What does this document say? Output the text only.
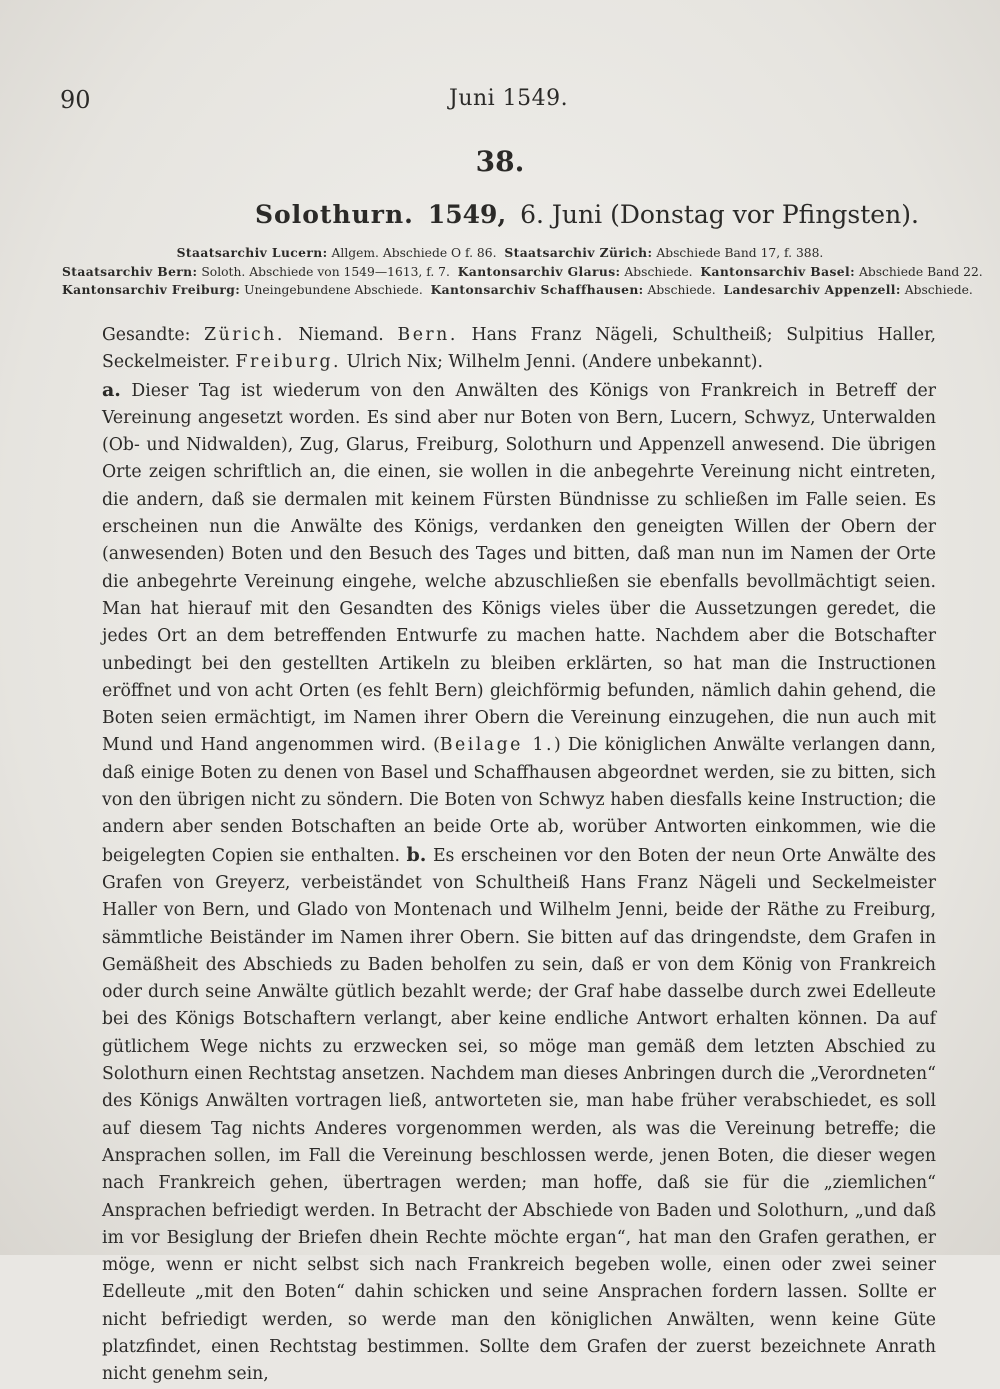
90	Juni 1549.
38.
Solothurn. 1549, 6. Juni (Donstag vor Pfingsten).
Staatsarchiv Lucern: Allgem. Abschiede O f. 86. Staatsarchiv Zürich: Abschiede Band 17, f. 388.
Staatsarchiv Bern: Soloth. Abschiede von 1549—1613, f. 7. Kantonsarchiv Glarus: Abschiede. Kantonsarchiv Basel: Abschiede Band 22.
Kantonsarchiv Freiburg: Uneingebundene Abschiede. Kantonsarchiv Schaffhausen: Abschiede. Landesarchiv Appenzell: Abschiede.

Gesandte: Zürich. Niemand. Bern. Hans Franz Nägeli, Schultheiß; Sulpitius Haller, Seckelmeister. Freiburg. Ulrich Nix; Wilhelm Jenni. (Andere unbekannt).

a. Dieser Tag ist wiederum von den Anwälten des Königs von Frankreich in Betreff der Vereinung angesetzt worden. Es sind aber nur Boten von Bern, Lucern, Schwyz, Unterwalden (Ob- und Nidwalden), Zug, Glarus, Freiburg, Solothurn und Appenzell anwesend. Die übrigen Orte zeigen schriftlich an, die einen, sie wollen in die anbegehrte Vereinung nicht eintreten, die andern, daß sie dermalen mit keinem Fürsten Bündnisse zu schließen im Falle seien. Es erscheinen nun die Anwälte des Königs, verdanken den geneigten Willen der Obern der (anwesenden) Boten und den Besuch des Tages und bitten, daß man nun im Namen der Orte die anbegehrte Vereinung eingehe, welche abzuschließen sie ebenfalls bevollmächtigt seien. Man hat hierauf mit den Gesandten des Königs vieles über die Aussetzungen geredet, die jedes Ort an dem betreffenden Entwurfe zu machen hatte. Nachdem aber die Botschafter unbedingt bei den gestellten Artikeln zu bleiben erklärten, so hat man die Instructionen eröffnet und von acht Orten (es fehlt Bern) gleichförmig befunden, nämlich dahin gehend, die Boten seien ermächtigt, im Namen ihrer Obern die Vereinung einzugehen, die nun auch mit Mund und Hand angenommen wird. (Beilage 1.) Die königlichen Anwälte verlangen dann, daß einige Boten zu denen von Basel und Schaffhausen abgeordnet werden, sie zu bitten, sich von den übrigen nicht zu söndern. Die Boten von Schwyz haben diesfalls keine Instruction; die andern aber senden Botschaften an beide Orte ab, worüber Antworten einkommen, wie die beigelegten Copien sie enthalten. b. Es erscheinen vor den Boten der neun Orte Anwälte des Grafen von Greyerz, verbeiständet von Schultheiß Hans Franz Nägeli und Seckelmeister Haller von Bern, und Glado von Montenach und Wilhelm Jenni, beide der Räthe zu Freiburg, sämmtliche Beiständer im Namen ihrer Obern. Sie bitten auf das dringendste, dem Grafen in Gemäßheit des Abschieds zu Baden beholfen zu sein, daß er von dem König von Frankreich oder durch seine Anwälte gütlich bezahlt werde; der Graf habe dasselbe durch zwei Edelleute bei des Königs Botschaftern verlangt, aber keine endliche Antwort erhalten können. Da auf gütlichem Wege nichts zu erzwecken sei, so möge man gemäß dem letzten Abschied zu Solothurn einen Rechtstag ansetzen. Nachdem man dieses Anbringen durch die „Verordneten“ des Königs Anwälten vortragen ließ, antworteten sie, man habe früher verabschiedet, es soll auf diesem Tag nichts Anderes vorgenommen werden, als was die Vereinung betreffe; die Ansprachen sollen, im Fall die Vereinung beschlossen werde, jenen Boten, die dieser wegen nach Frankreich gehen, übertragen werden; man hoffe, daß sie für die „ziemlichen“ Ansprachen befriedigt werden. In Betracht der Abschiede von Baden und Solothurn, „und daß im vor Besiglung der Briefen dhein Rechte möchte ergan“, hat man den Grafen gerathen, er möge, wenn er nicht selbst sich nach Frankreich begeben wolle, einen oder zwei seiner Edelleute „mit den Boten“ dahin schicken und seine Ansprachen fordern lassen. Sollte er nicht befriedigt werden, so werde man den königlichen Anwälten, wenn keine Güte platzfindet, einen Rechtstag bestimmen. Sollte dem Grafen der zuerst bezeichnete Anrath nicht genehm sein,
